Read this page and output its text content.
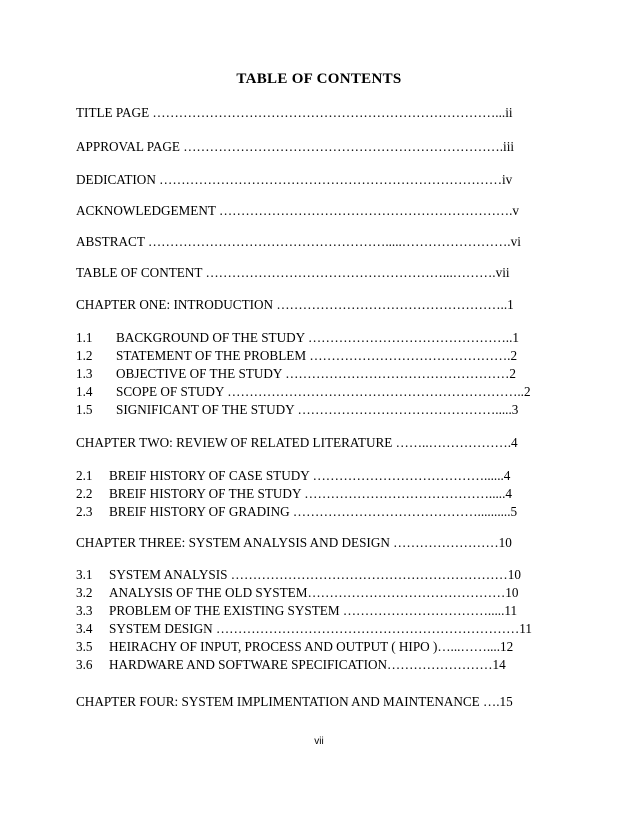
TABLE OF CONTENTS
TITLE PAGE ……………………………………………………………………...ii
APPROVAL PAGE ……………………………………………………………….iii
DEDICATION ……………………………………………………………………iv
ACKNOWLEDGEMENT ………………………………………………………….v
ABSTRACT ……………………………………………….....…………………….vi
TABLE OF CONTENT ………………………………………………...……….vii
CHAPTER ONE: INTRODUCTION ……………………………………………..1
1.1 BACKGROUND OF THE STUDY ………………………………………..1
1.2 STATEMENT OF THE PROBLEM ……………………………………….2
1.3 OBJECTIVE OF THE STUDY ……………………………………………2
1.4 SCOPE OF STUDY …………………………………………………………..2
1.5 SIGNIFICANT OF THE STUDY ……………………………………….....3
CHAPTER TWO: REVIEW OF RELATED LITERATURE ……..……………….4
2.1 BREIF HISTORY OF CASE STUDY …………………………………......4
2.2 BREIF HISTORY OF THE STUDY …………………………………….....4
2.3 BREIF HISTORY OF GRADING ……………………………………..........5
CHAPTER THREE: SYSTEM ANALYSIS AND DESIGN ……………………10
3.1 SYSTEM ANALYSIS ………………………………………………………10
3.2 ANALYSIS OF THE OLD SYSTEM………………………………………10
3.3 PROBLEM OF THE EXISTING SYSTEM …………………………….....11
3.4 SYSTEM DESIGN ……………………………………………………………11
3.5 HEIRACHY OF INPUT, PROCESS AND OUTPUT ( HIPO )…...……....12
3.6 HARDWARE AND SOFTWARE SPECIFICATION……………………14
CHAPTER FOUR: SYSTEM IMPLIMENTATION AND MAINTENANCE ….15
vii
